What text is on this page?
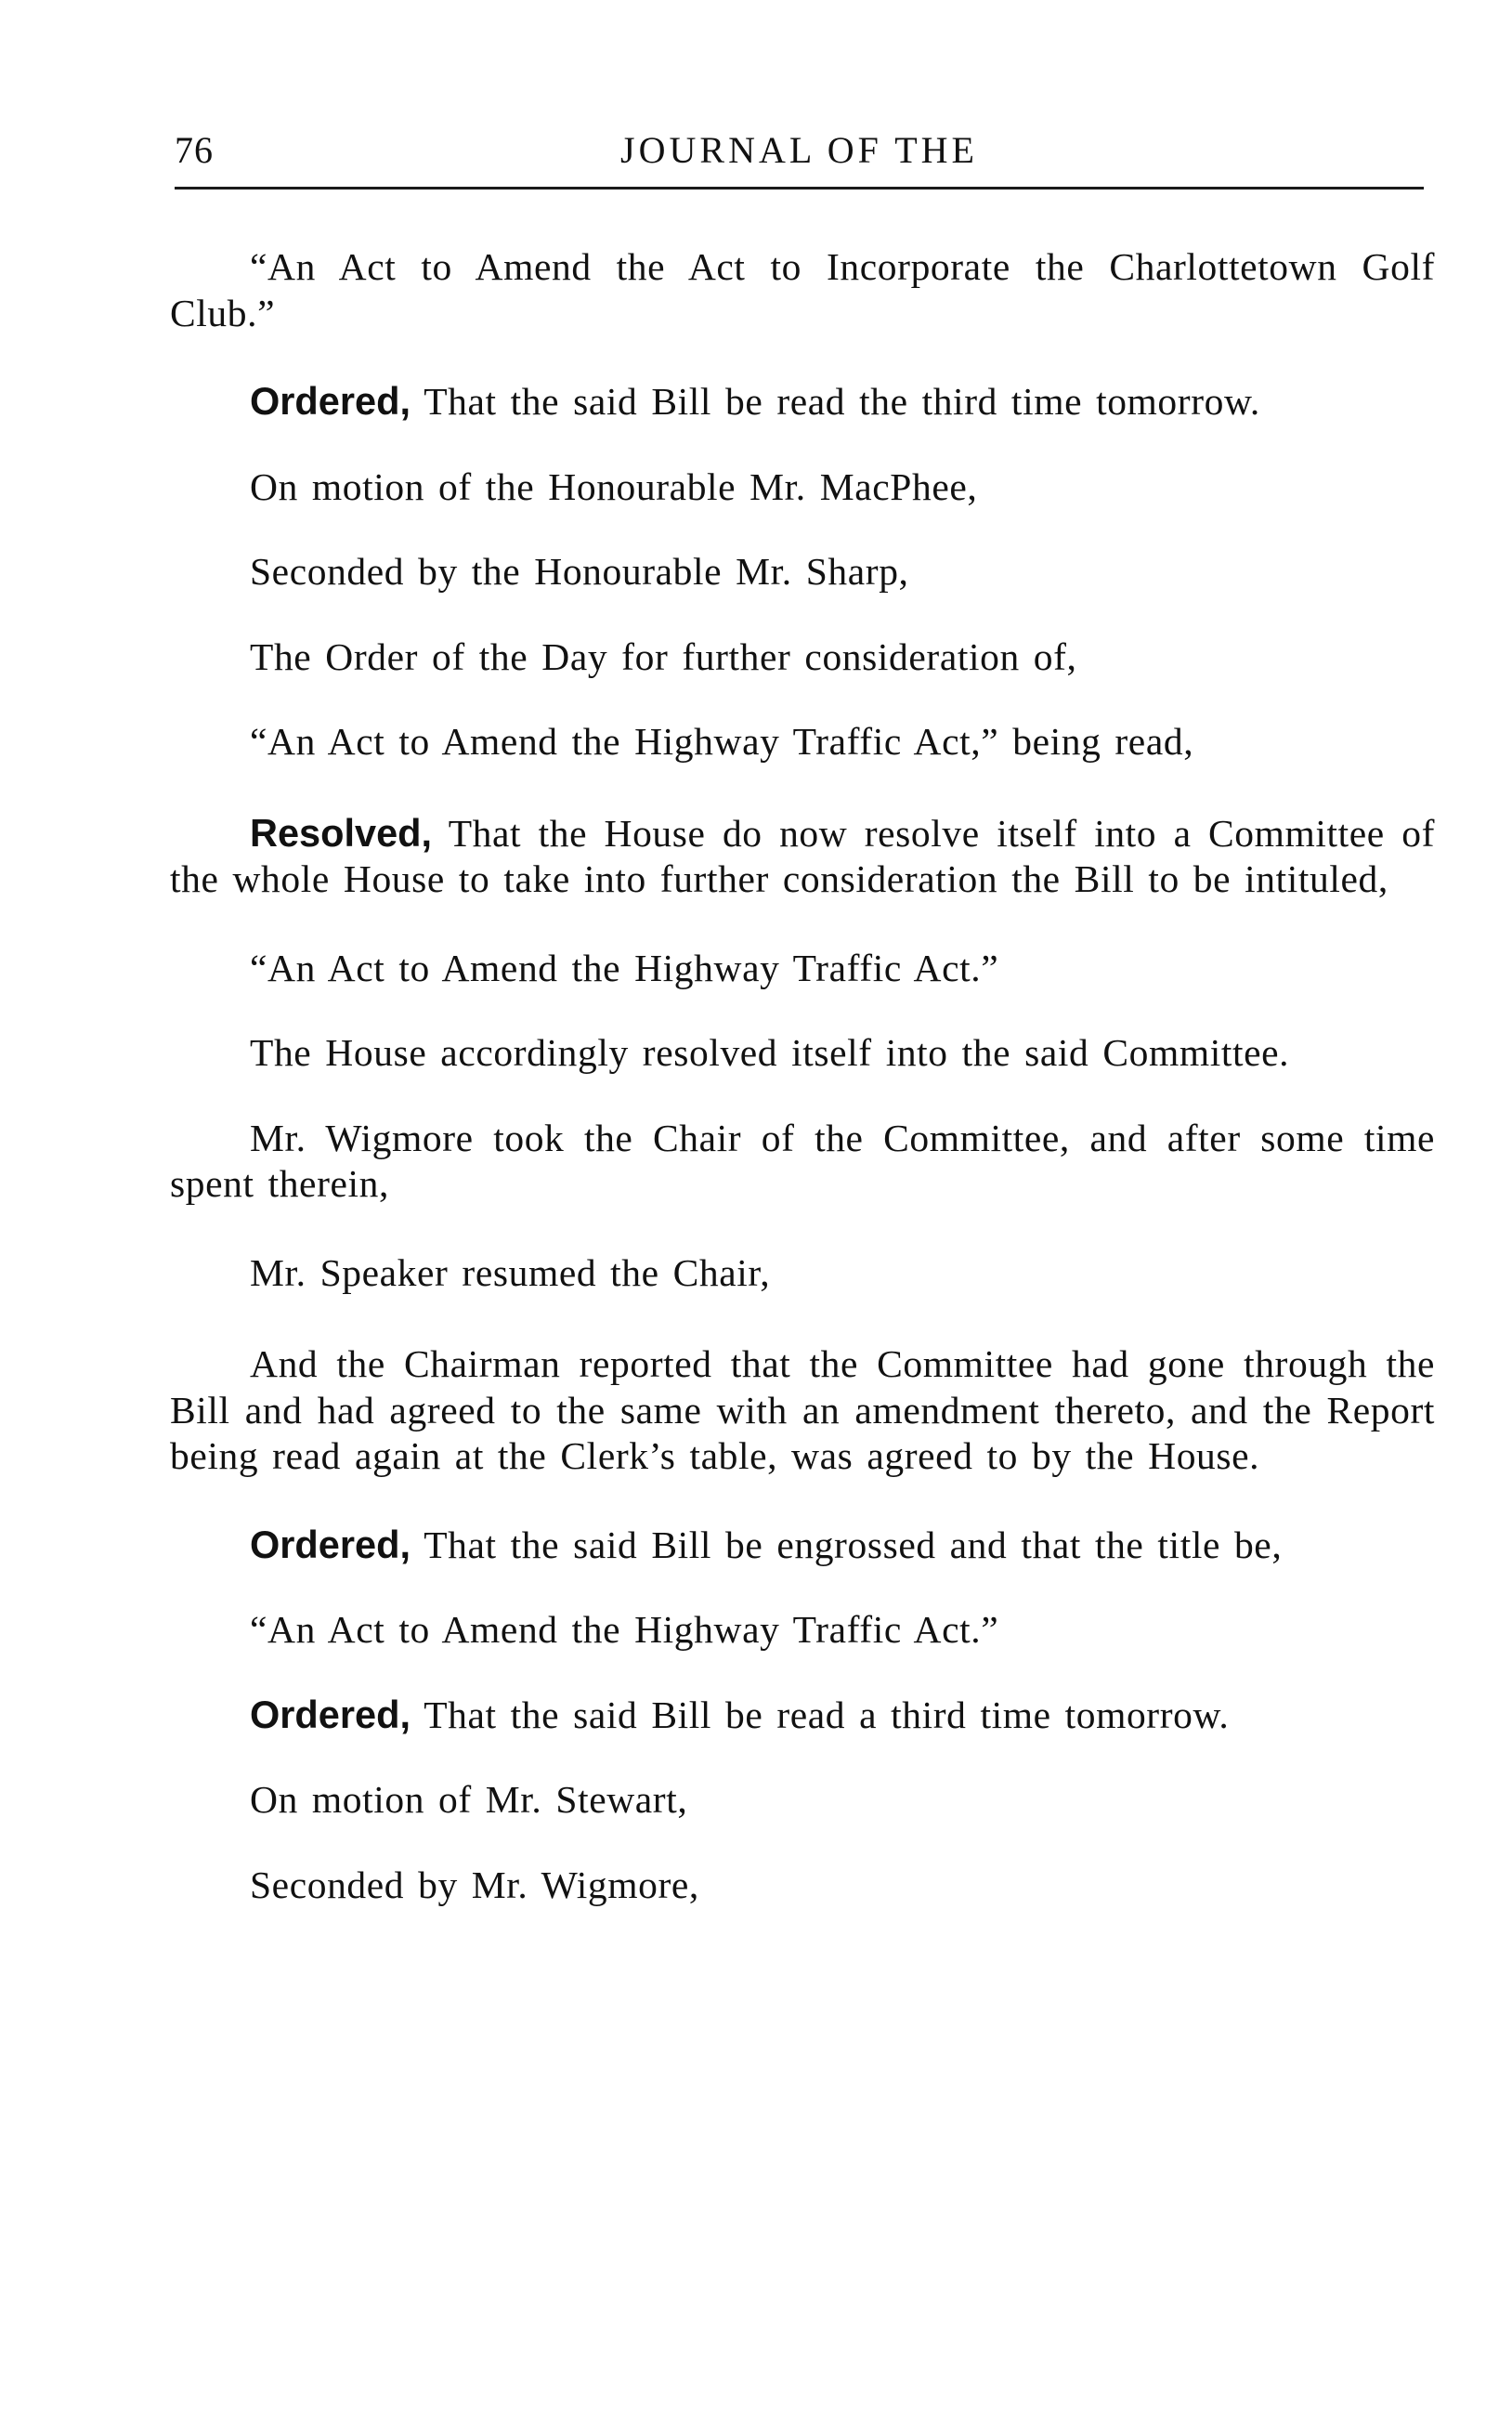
76	JOURNAL OF THE

“An Act to Amend the Act to Incorporate the Charlottetown Golf Club.”

Ordered, That the said Bill be read the third time tomorrow.

On motion of the Honourable Mr. MacPhee,

Seconded by the Honourable Mr. Sharp,

The Order of the Day for further consideration of,

“An Act to Amend the Highway Traffic Act,” being read,

Resolved, That the House do now resolve itself into a Committee of the whole House to take into further consideration the Bill to be intituled,

“An Act to Amend the Highway Traffic Act.”

The House accordingly resolved itself into the said Committee.

Mr. Wigmore took the Chair of the Committee, and after some time spent therein,

Mr. Speaker resumed the Chair,

And the Chairman reported that the Committee had gone through the Bill and had agreed to the same with an amendment thereto, and the Report being read again at the Clerk’s table, was agreed to by the House.

Ordered, That the said Bill be engrossed and that the title be,

“An Act to Amend the Highway Traffic Act.”

Ordered, That the said Bill be read a third time tomorrow.

On motion of Mr. Stewart,

Seconded by Mr. Wigmore,
